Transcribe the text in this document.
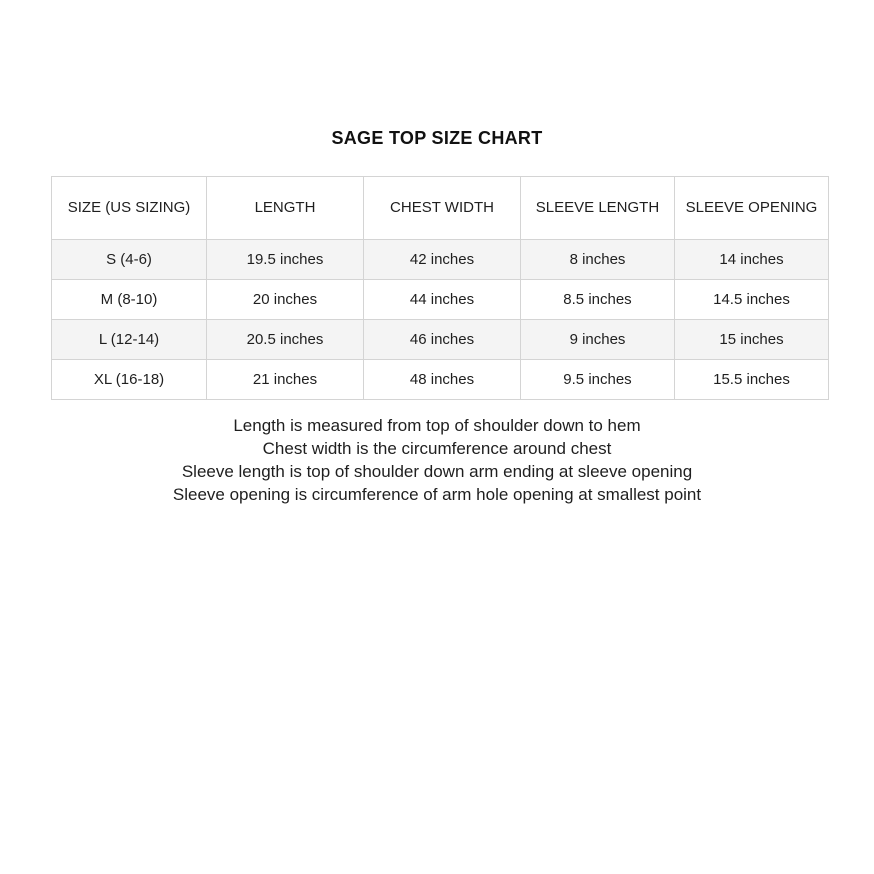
SAGE TOP SIZE CHART
SIZE (US SIZING)	LENGTH	CHEST WIDTH	SLEEVE LENGTH	SLEEVE OPENING
S (4-6)	19.5 inches	42 inches	8 inches	14 inches
M (8-10)	20 inches	44 inches	8.5 inches	14.5 inches
L (12-14)	20.5 inches	46 inches	9 inches	15 inches
XL (16-18)	21 inches	48 inches	9.5 inches	15.5 inches
Length is measured from top of shoulder down to hem
Chest width is the circumference around chest
Sleeve length is top of shoulder down arm ending at sleeve opening
Sleeve opening is circumference of arm hole opening at smallest point
